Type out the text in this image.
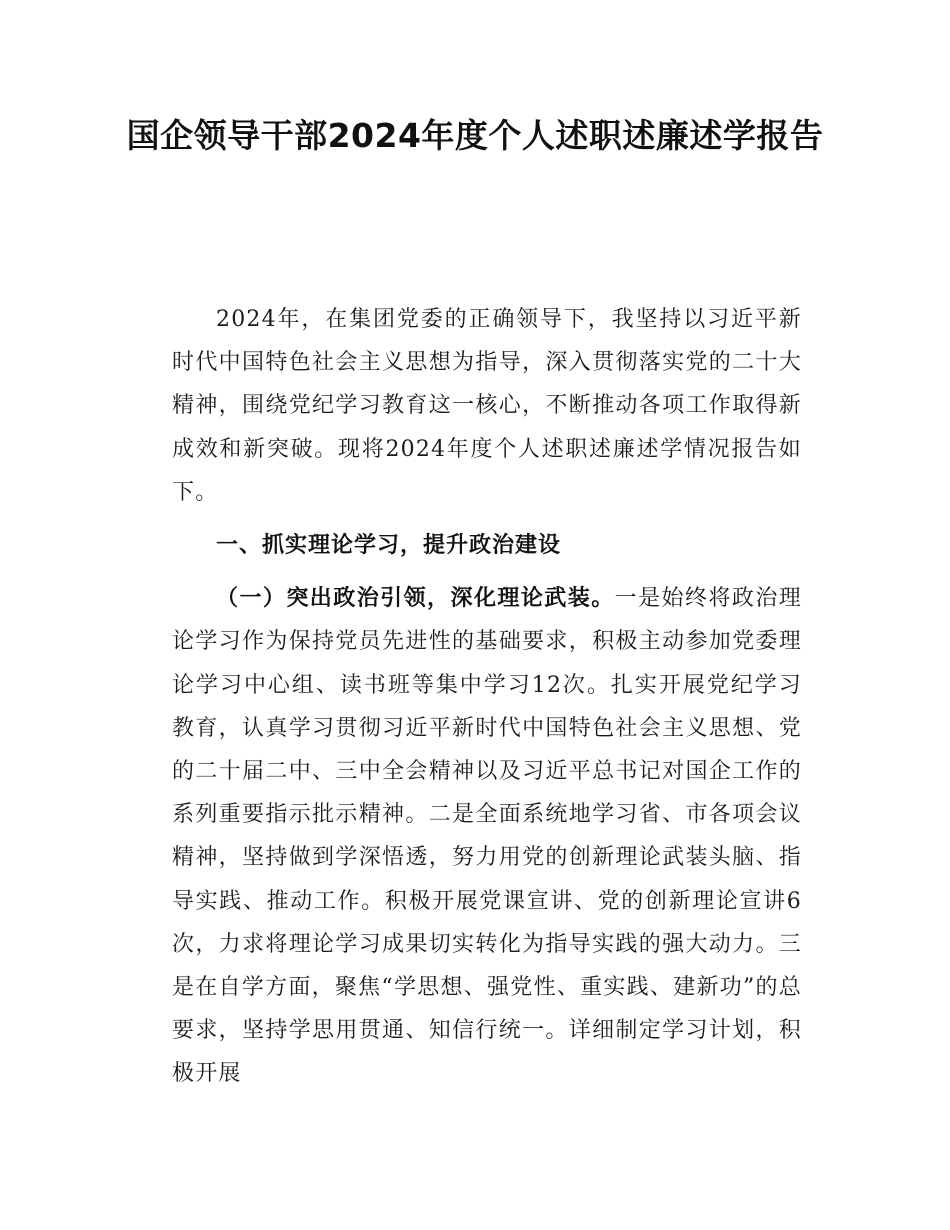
国企领导干部2024年度个人述职述廉述学报告

2024年，在集团党委的正确领导下，我坚持以习近平新时代中国特色社会主义思想为指导，深入贯彻落实党的二十大精神，围绕党纪学习教育这一核心，不断推动各项工作取得新成效和新突破。现将2024年度个人述职述廉述学情况报告如下。

一、抓实理论学习，提升政治建设

（一）突出政治引领，深化理论武装。一是始终将政治理论学习作为保持党员先进性的基础要求，积极主动参加党委理论学习中心组、读书班等集中学习12次。扎实开展党纪学习教育，认真学习贯彻习近平新时代中国特色社会主义思想、党的二十届二中、三中全会精神以及习近平总书记对国企工作的系列重要指示批示精神。二是全面系统地学习省、市各项会议精神，坚持做到学深悟透，努力用党的创新理论武装头脑、指导实践、推动工作。积极开展党课宣讲、党的创新理论宣讲6次，力求将理论学习成果切实转化为指导实践的强大动力。三是在自学方面，聚焦“学思想、强党性、重实践、建新功”的总要求，坚持学思用贯通、知信行统一。详细制定学习计划，积极开展
